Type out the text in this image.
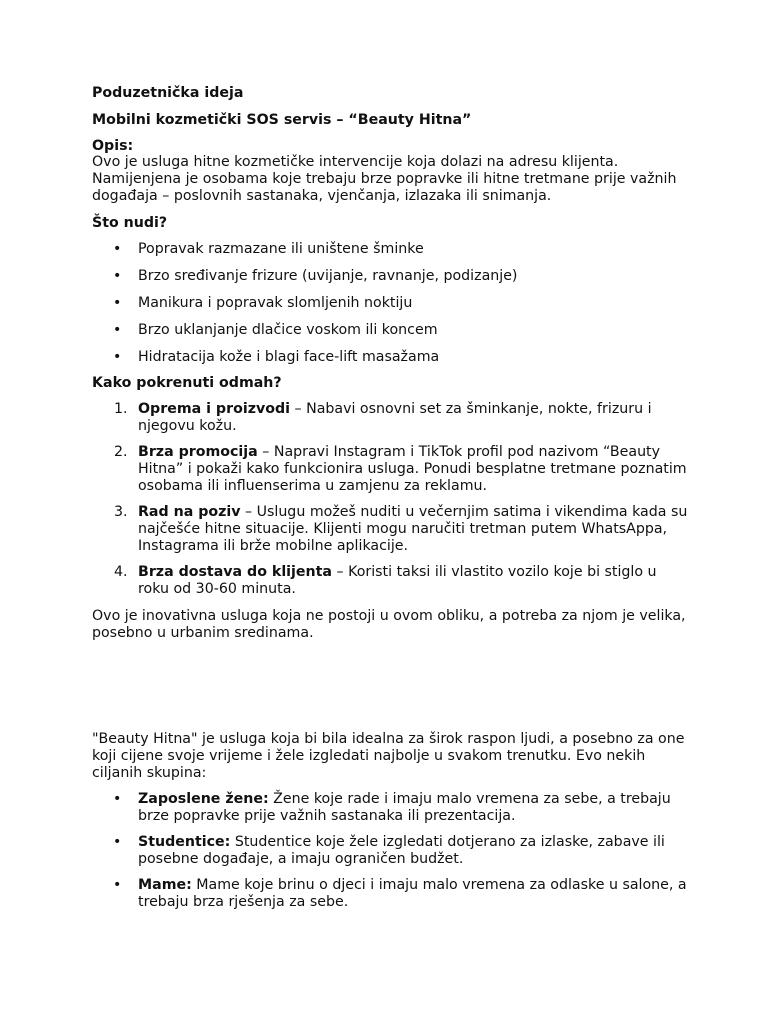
Poduzetnička ideja

Mobilni kozmetički SOS servis – “Beauty Hitna”

Opis:

Ovo je usluga hitne kozmetičke intervencije koja dolazi na adresu klijenta. Namijenjena je osobama koje trebaju brze popravke ili hitne tretmane prije važnih događaja – poslovnih sastanaka, vjenčanja, izlazaka ili snimanja.

Što nudi?

• Popravak razmazane ili uništene šminke
• Brzo sređivanje frizure (uvijanje, ravnanje, podizanje)
• Manikura i popravak slomljenih noktiju
• Brzo uklanjanje dlačice voskom ili koncem
• Hidratacija kože i blagi face-lift masažama

Kako pokrenuti odmah?

1. Oprema i proizvodi – Nabavi osnovni set za šminkanje, nokte, frizuru i njegovu kožu.
2. Brza promocija – Napravi Instagram i TikTok profil pod nazivom “Beauty Hitna” i pokaži kako funkcionira usluga. Ponudi besplatne tretmane poznatim osobama ili influenserima u zamjenu za reklamu.
3. Rad na poziv – Uslugu možeš nuditi u večernjim satima i vikendima kada su najčešće hitne situacije. Klijenti mogu naručiti tretman putem WhatsAppa, Instagrama ili brže mobilne aplikacije.
4. Brza dostava do klijenta – Koristi taksi ili vlastito vozilo koje bi stiglo u roku od 30-60 minuta.

Ovo je inovativna usluga koja ne postoji u ovom obliku, a potreba za njom je velika, posebno u urbanim sredinama.

"Beauty Hitna" je usluga koja bi bila idealna za širok raspon ljudi, a posebno za one koji cijene svoje vrijeme i žele izgledati najbolje u svakom trenutku. Evo nekih ciljanih skupina:

• Zaposlene žene: Žene koje rade i imaju malo vremena za sebe, a trebaju brze popravke prije važnih sastanaka ili prezentacija.
• Studentice: Studentice koje žele izgledati dotjerano za izlaske, zabave ili posebne događaje, a imaju ograničen budžet.
• Mame: Mame koje brinu o djeci i imaju malo vremena za odlaske u salone, a trebaju brza rješenja za sebe.
